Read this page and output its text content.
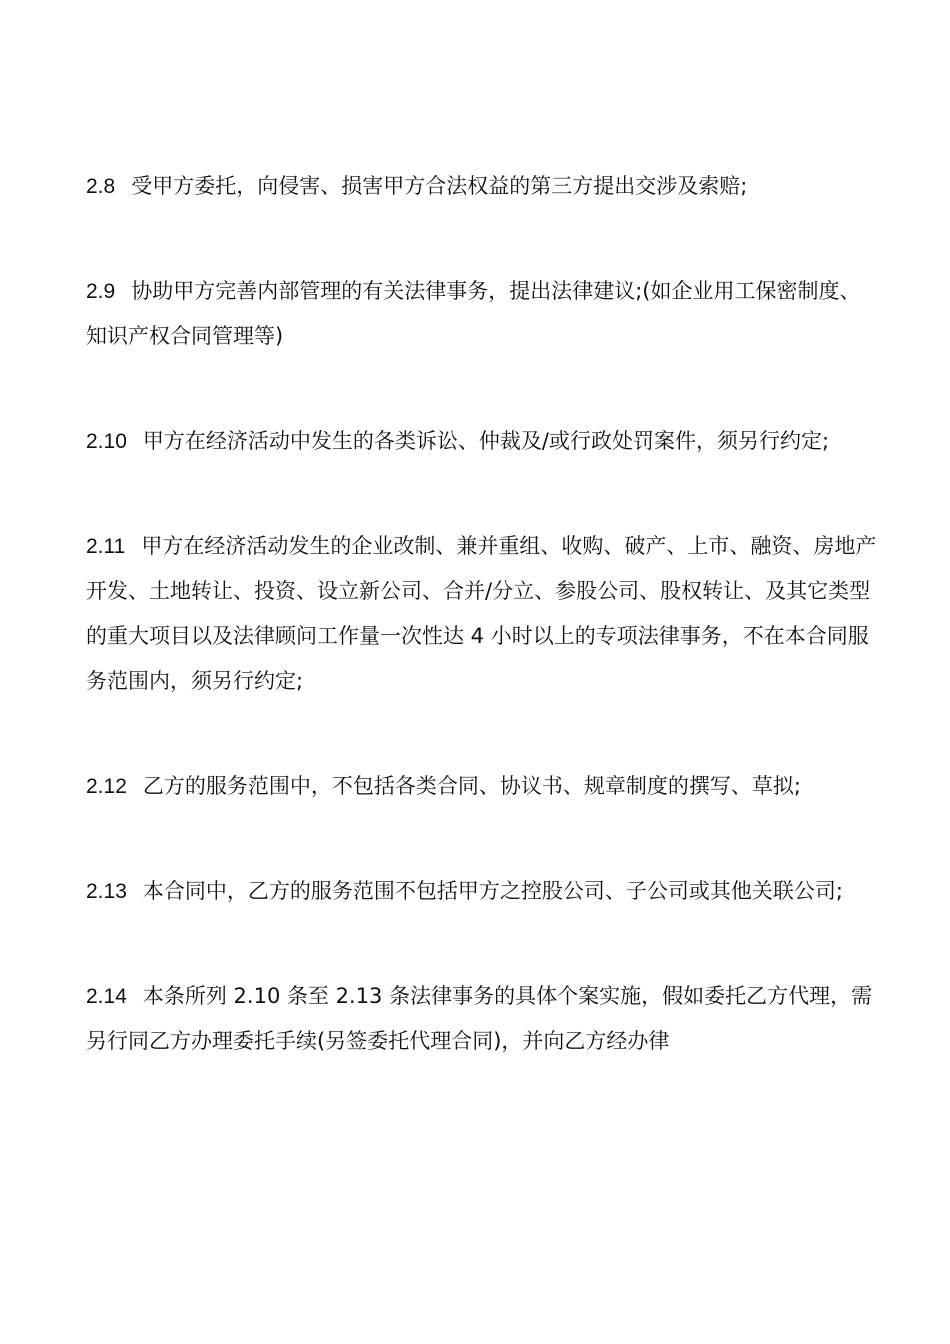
2.8 受甲方委托，向侵害、损害甲方合法权益的第三方提出交涉及索赔;

2.9 协助甲方完善内部管理的有关法律事务，提出法律建议;(如企业用工保密制度、知识产权合同管理等)

2.10 甲方在经济活动中发生的各类诉讼、仲裁及/或行政处罚案件，须另行约定;

2.11 甲方在经济活动发生的企业改制、兼并重组、收购、破产、上市、融资、房地产开发、土地转让、投资、设立新公司、合并/分立、参股公司、股权转让、及其它类型的重大项目以及法律顾问工作量一次性达 4 小时以上的专项法律事务，不在本合同服务范围内，须另行约定;

2.12 乙方的服务范围中，不包括各类合同、协议书、规章制度的撰写、草拟;

2.13 本合同中，乙方的服务范围不包括甲方之控股公司、子公司或其他关联公司;

2.14 本条所列 2.10 条至 2.13 条法律事务的具体个案实施，假如委托乙方代理，需另行同乙方办理委托手续(另签委托代理合同)，并向乙方经办律
